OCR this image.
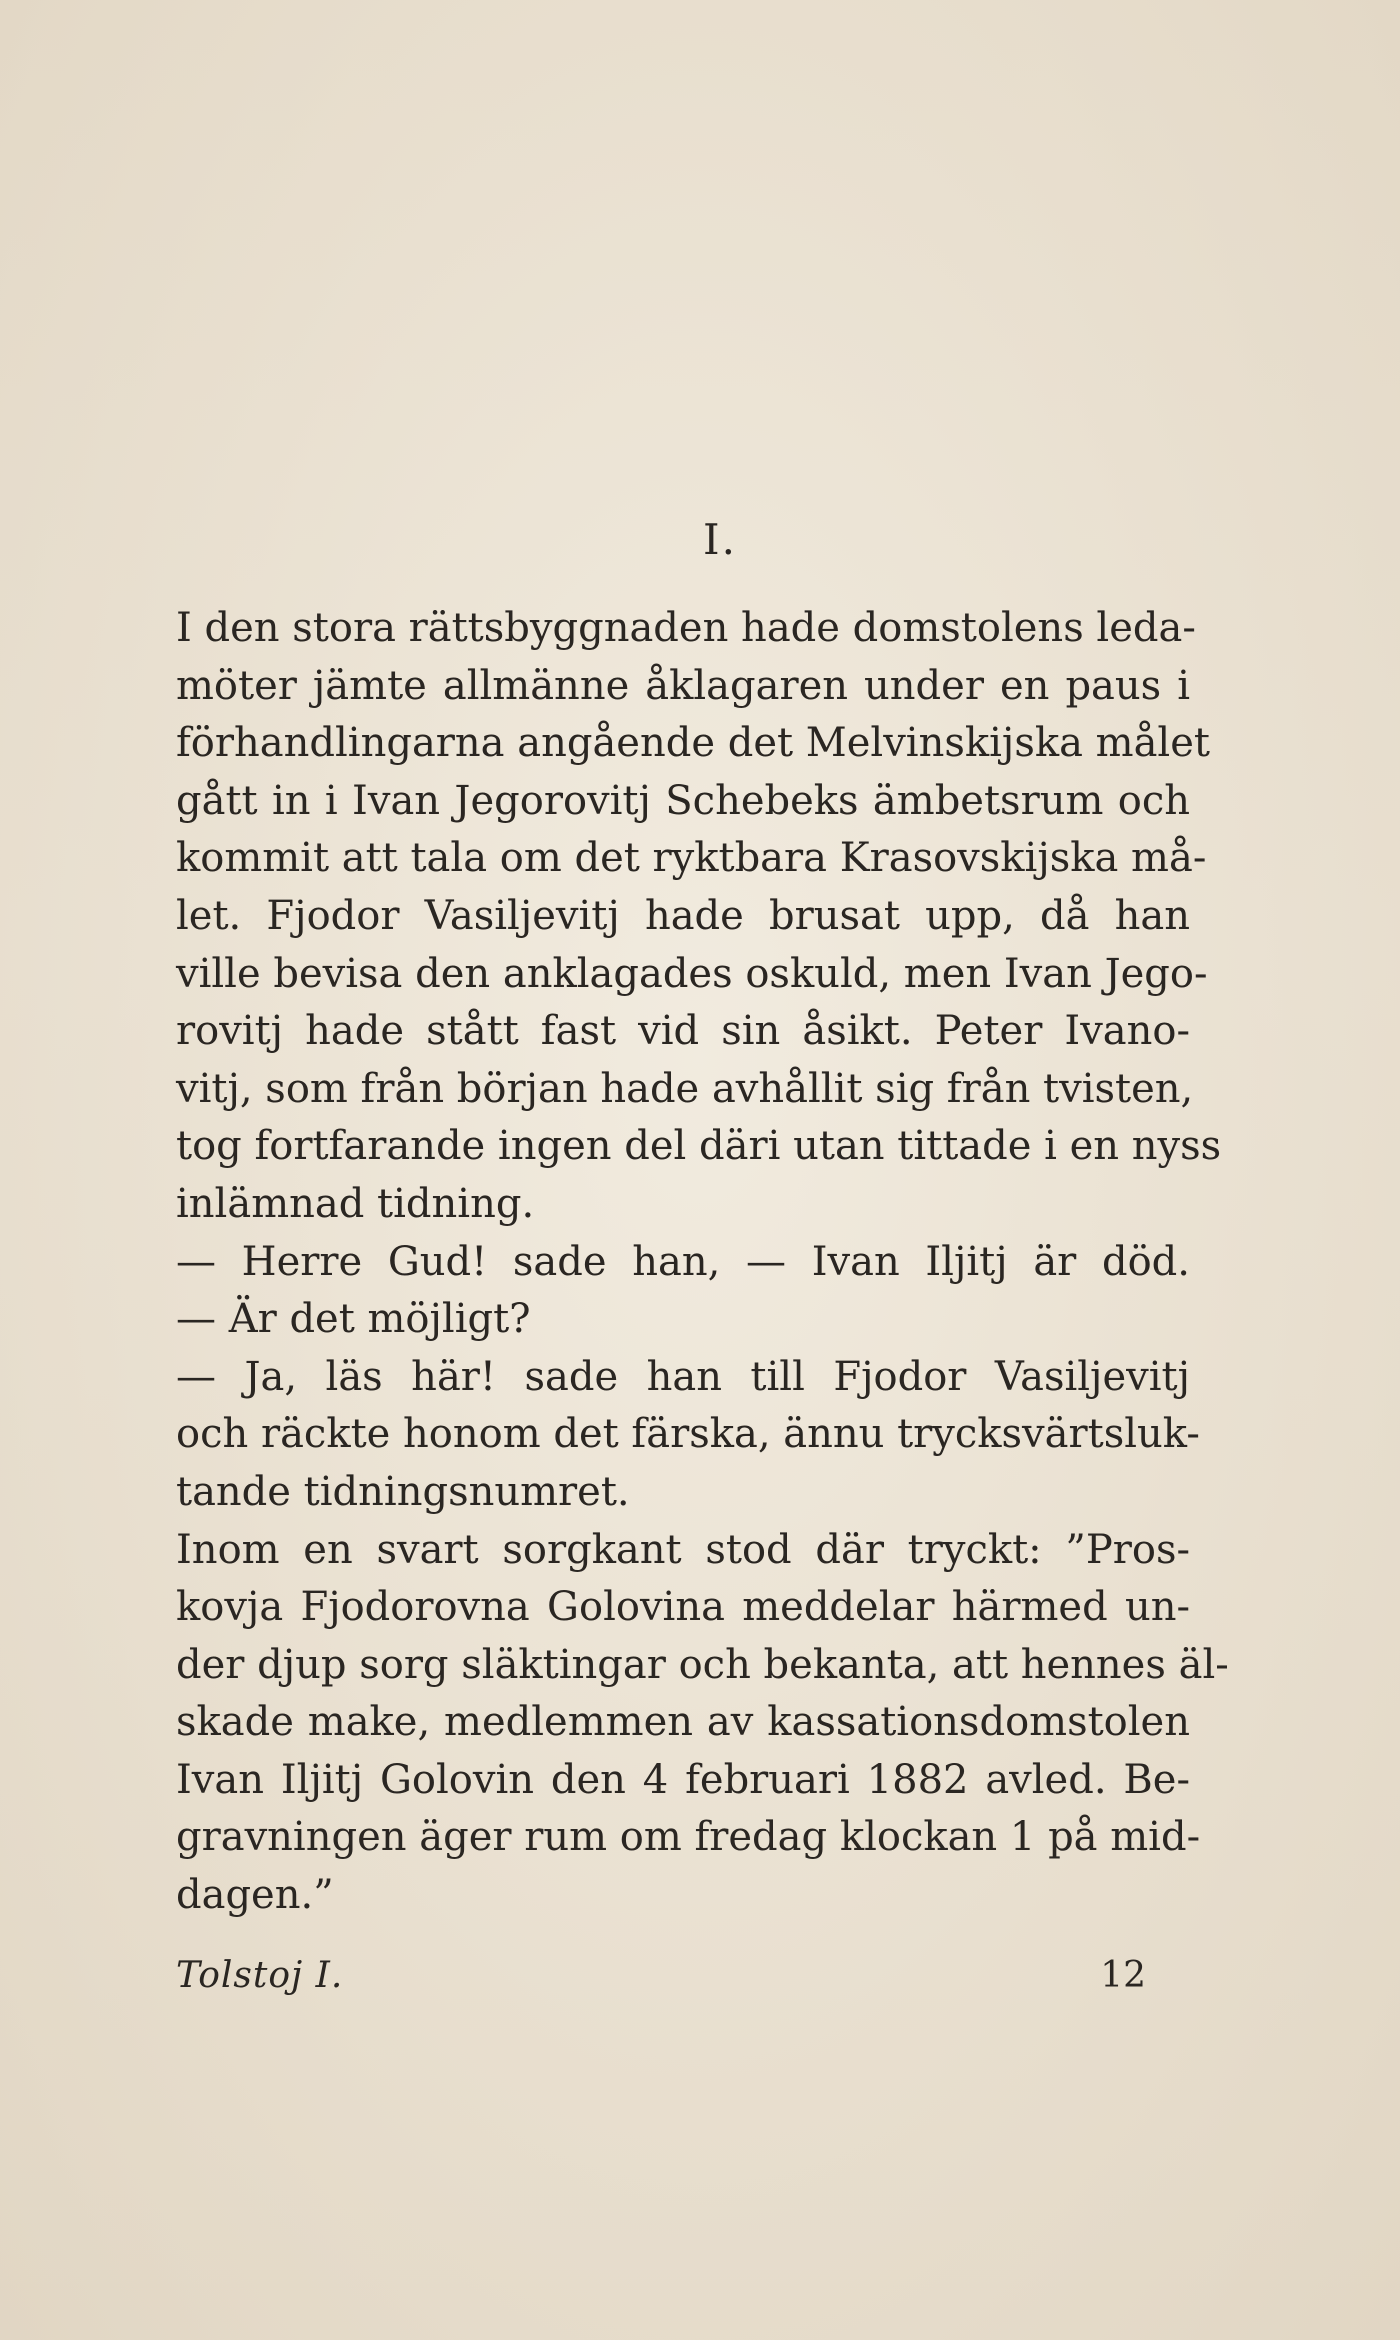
I.
I den stora rättsbyggnaden hade domstolens leda-
möter jämte allmänne åklagaren under en paus i
förhandlingarna angående det Melvinskijska målet
gått in i Ivan Jegorovitj Schebeks ämbetsrum och
kommit att tala om det ryktbara Krasovskijska må-
let. Fjodor Vasiljevitj hade brusat upp, då han
ville bevisa den anklagades oskuld, men Ivan Jego-
rovitj hade stått fast vid sin åsikt. Peter Ivano-
vitj, som från början hade avhållit sig från tvisten,
tog fortfarande ingen del däri utan tittade i en nyss
inlämnad tidning.
— Herre Gud! sade han, — Ivan Iljitj är död.
— Är det möjligt?
— Ja, läs här! sade han till Fjodor Vasiljevitj
och räckte honom det färska, ännu trycksvärtsluk-
tande tidningsnumret.
Inom en svart sorgkant stod där tryckt: ”Pros-
kovja Fjodorovna Golovina meddelar härmed un-
der djup sorg släktingar och bekanta, att hennes äl-
skade make, medlemmen av kassationsdomstolen
Ivan Iljitj Golovin den 4 februari 1882 avled. Be-
gravningen äger rum om fredag klockan 1 på mid-
dagen.”
Tolstoj I.	12
